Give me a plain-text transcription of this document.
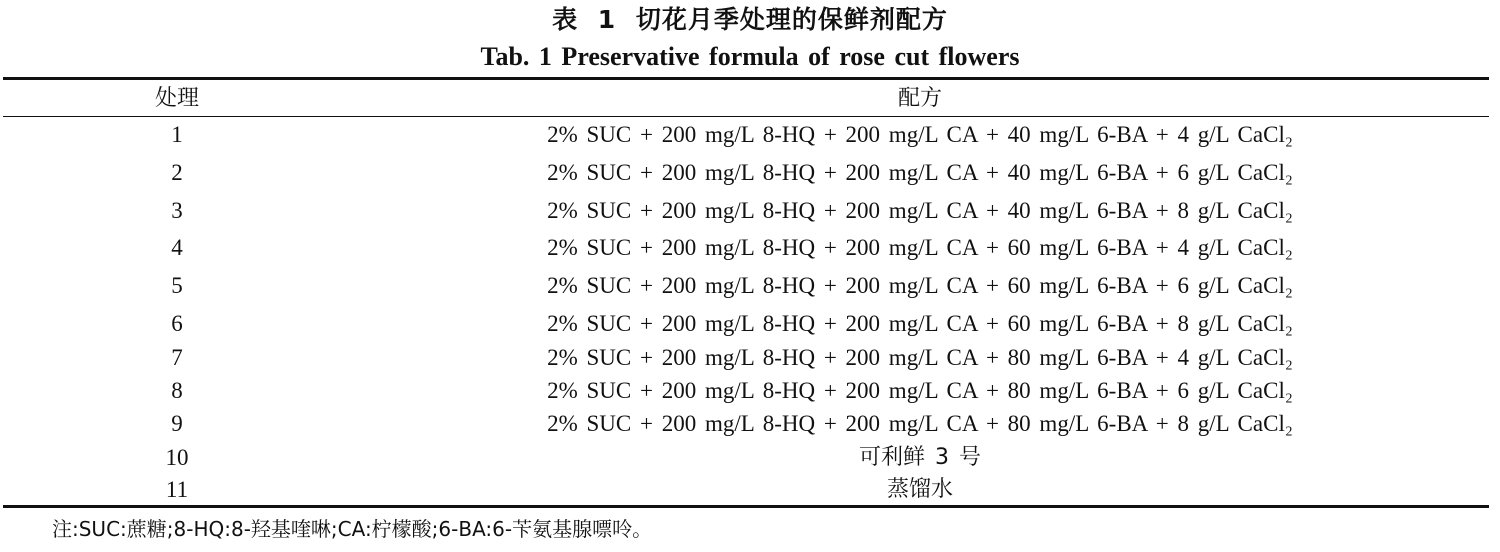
表 1 切花月季处理的保鲜剂配方
Tab. 1 Preservative formula of rose cut flowers
处理	配方
1	2% SUC + 200 mg/L 8-HQ + 200 mg/L CA + 40 mg/L 6-BA + 4 g/L CaCl₂
2	2% SUC + 200 mg/L 8-HQ + 200 mg/L CA + 40 mg/L 6-BA + 6 g/L CaCl₂
3	2% SUC + 200 mg/L 8-HQ + 200 mg/L CA + 40 mg/L 6-BA + 8 g/L CaCl₂
4	2% SUC + 200 mg/L 8-HQ + 200 mg/L CA + 60 mg/L 6-BA + 4 g/L CaCl₂
5	2% SUC + 200 mg/L 8-HQ + 200 mg/L CA + 60 mg/L 6-BA + 6 g/L CaCl₂
6	2% SUC + 200 mg/L 8-HQ + 200 mg/L CA + 60 mg/L 6-BA + 8 g/L CaCl₂
7	2% SUC + 200 mg/L 8-HQ + 200 mg/L CA + 80 mg/L 6-BA + 4 g/L CaCl₂
8	2% SUC + 200 mg/L 8-HQ + 200 mg/L CA + 80 mg/L 6-BA + 6 g/L CaCl₂
9	2% SUC + 200 mg/L 8-HQ + 200 mg/L CA + 80 mg/L 6-BA + 8 g/L CaCl₂
10	可利鲜 3 号
11	蒸馏水
注:SUC:蔗糖;8-HQ:8-羟基喹啉;CA:柠檬酸;6-BA:6-苄氨基腺嘌呤。
